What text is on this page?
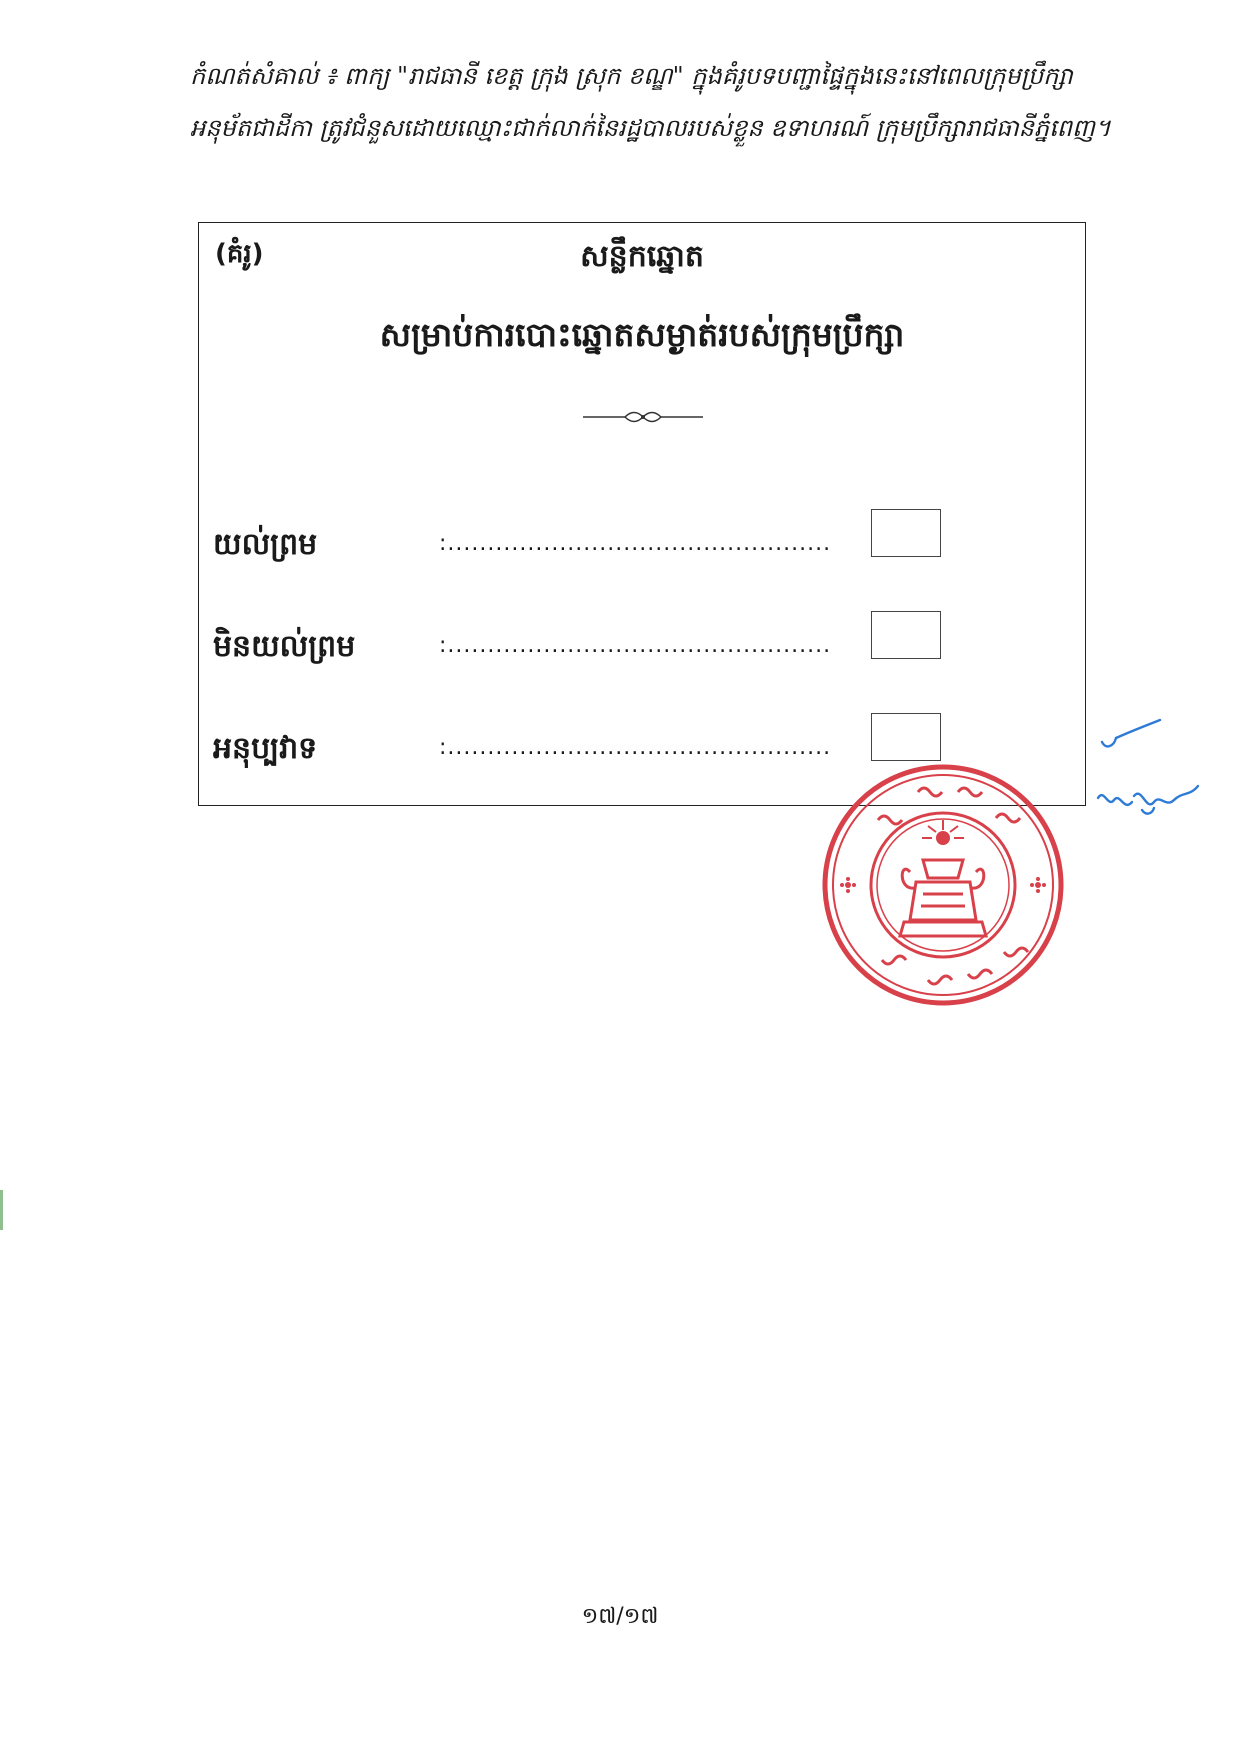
កំណត់សំគាល់ ៖ ពាក្យ "រាជធានី ខេត្ត ក្រុង ស្រុក ខណ្ឌ" ក្នុងគំរូបទបញ្ជាផ្ទៃក្នុងនេះនៅពេលក្រុមប្រឹក្សា

អនុម័តជាដីកា ត្រូវជំនួសដោយឈ្មោះជាក់លាក់នៃរដ្ឋបាលរបស់ខ្លួន ឧទាហរណ៍ ក្រុមប្រឹក្សារាជធានីភ្នំពេញ។

(គំរូ)	សន្លឹកឆ្នោត
សម្រាប់ការបោះឆ្នោតសម្ងាត់របស់ក្រុមប្រឹក្សា
យល់ព្រម	:................................................
មិនយល់ព្រម	:................................................
អនុប្បវាទ	:................................................
១៧/១៧
